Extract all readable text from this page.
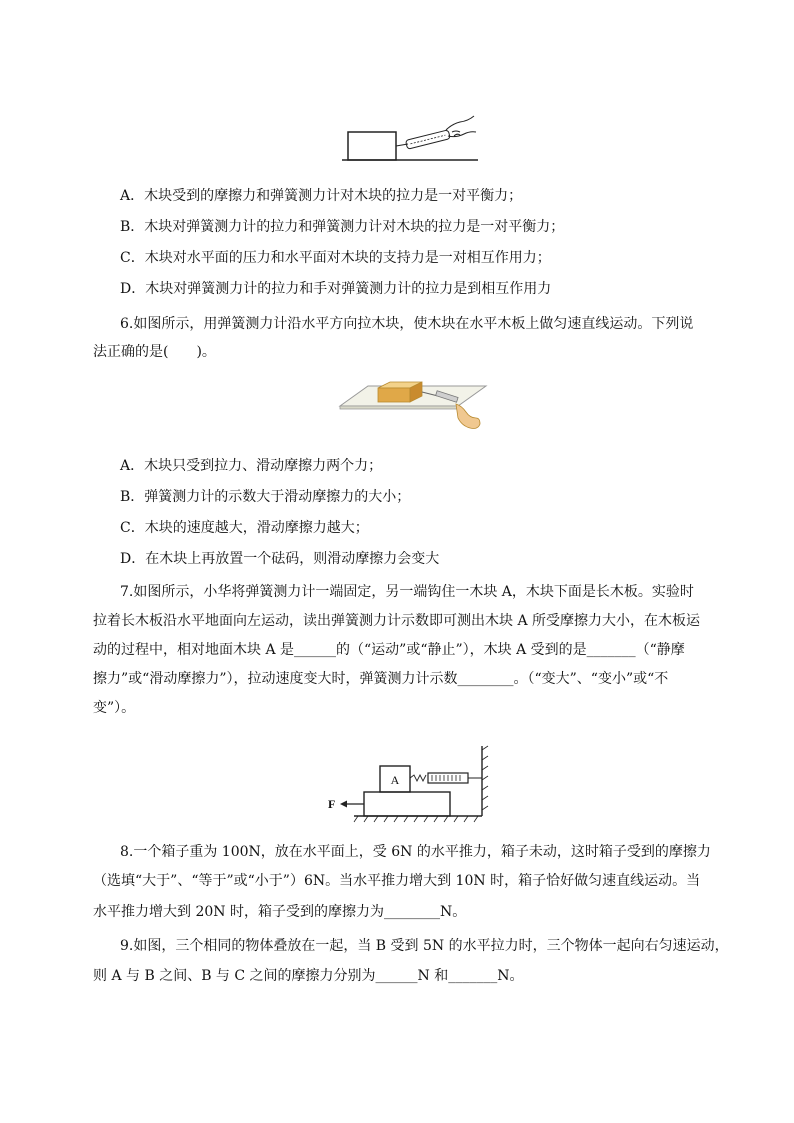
A．木块受到的摩擦力和弹簧测力计对木块的拉力是一对平衡力；
B．木块对弹簧测力计的拉力和弹簧测力计对木块的拉力是一对平衡力；
C．木块对水平面的压力和水平面对木块的支持力是一对相互作用力；
D．木块对弹簧测力计的拉力和手对弹簧测力计的拉力是到相互作用力
6.如图所示，用弹簧测力计沿水平方向拉木块，使木块在水平木板上做匀速直线运动。下列说
法正确的是(　　)。
A．木块只受到拉力、滑动摩擦力两个力；
B．弹簧测力计的示数大于滑动摩擦力的大小；
C．木块的速度越大，滑动摩擦力越大；
D．在木块上再放置一个砝码，则滑动摩擦力会变大
7.如图所示，小华将弹簧测力计一端固定，另一端钩住一木块 A，木块下面是长木板。实验时
拉着长木板沿水平地面向左运动，读出弹簧测力计示数即可测出木块 A 所受摩擦力大小，在木板运
动的过程中，相对地面木块 A 是______的（“运动”或“静止”），木块 A 受到的是_______（“静摩
擦力”或“滑动摩擦力”），拉动速度变大时，弹簧测力计示数________。（“变大”、“变小”或“不
变”）。
A
F
8.一个箱子重为 100N，放在水平面上，受 6N 的水平推力，箱子未动，这时箱子受到的摩擦力
（选填“大于”、“等于”或“小于”）6N。当水平推力增大到 10N 时，箱子恰好做匀速直线运动。当
水平推力增大到 20N 时，箱子受到的摩擦力为________N。
9.如图，三个相同的物体叠放在一起，当 B 受到 5N 的水平拉力时，三个物体一起向右匀速运动，
则 A 与 B 之间、B 与 C 之间的摩擦力分别为______N 和_______N。
